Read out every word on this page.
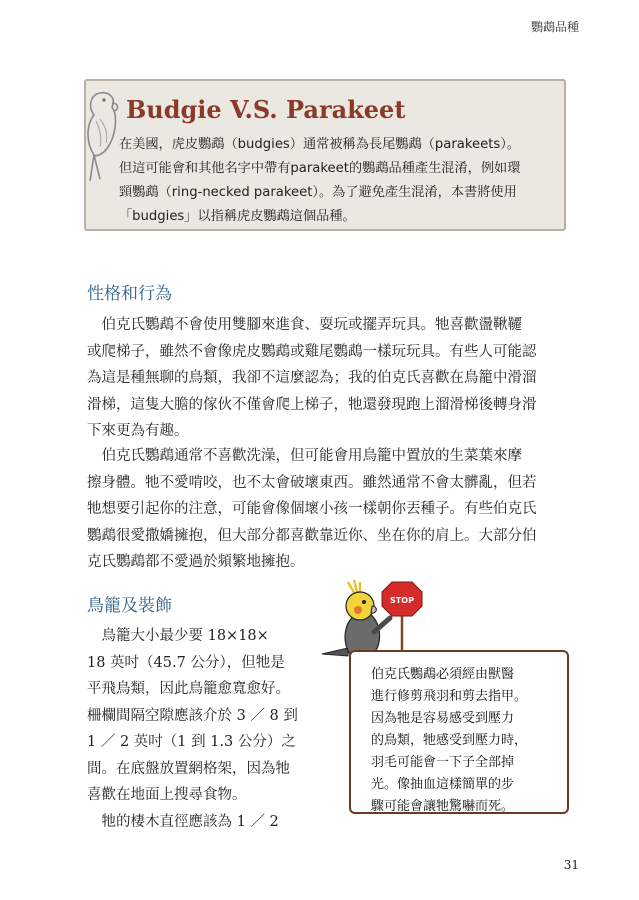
鸚鵡品種
Budgie V.S. Parakeet
在美國，虎皮鸚鵡（budgies）通常被稱為長尾鸚鵡（parakeets）。
但這可能會和其他名字中帶有parakeet的鸚鵡品種產生混淆，例如環
頸鸚鵡（ring-necked parakeet）。為了避免產生混淆，本書將使用
「budgies」以指稱虎皮鸚鵡這個品種。
性格和行為
　伯克氏鸚鵡不會使用雙腳來進食、耍玩或擺弄玩具。牠喜歡盪鞦韆
或爬梯子，雖然不會像虎皮鸚鵡或雞尾鸚鵡一樣玩玩具。有些人可能認
為這是種無聊的鳥類，我卻不這麼認為；我的伯克氏喜歡在鳥籠中滑溜
滑梯，這隻大膽的傢伙不僅會爬上梯子，牠還發現跑上溜滑梯後轉身滑
下來更為有趣。
　伯克氏鸚鵡通常不喜歡洗澡，但可能會用鳥籠中置放的生菜葉來摩
擦身體。牠不愛啃咬，也不太會破壞東西。雖然通常不會太髒亂，但若
牠想要引起你的注意，可能會像個壞小孩一樣朝你丟種子。有些伯克氏
鸚鵡很愛撒嬌擁抱，但大部分都喜歡靠近你、坐在你的肩上。大部分伯
克氏鸚鵡都不愛過於頻繁地擁抱。
鳥籠及裝飾
　鳥籠大小最少要 18×18×
18 英吋（45.7 公分），但牠是
平飛鳥類，因此鳥籠愈寬愈好。
柵欄間隔空隙應該介於 3 ／ 8 到
1 ／ 2 英吋（1 到 1.3 公分）之
間。在底盤放置網格架，因為牠
喜歡在地面上搜尋食物。
　牠的棲木直徑應該為 1 ／ 2
STOP
伯克氏鸚鵡必須經由獸醫
進行修剪飛羽和剪去指甲。
因為牠是容易感受到壓力
的鳥類，牠感受到壓力時，
羽毛可能會一下子全部掉
光。像抽血這樣簡單的步
驟可能會讓牠驚嚇而死。
31
